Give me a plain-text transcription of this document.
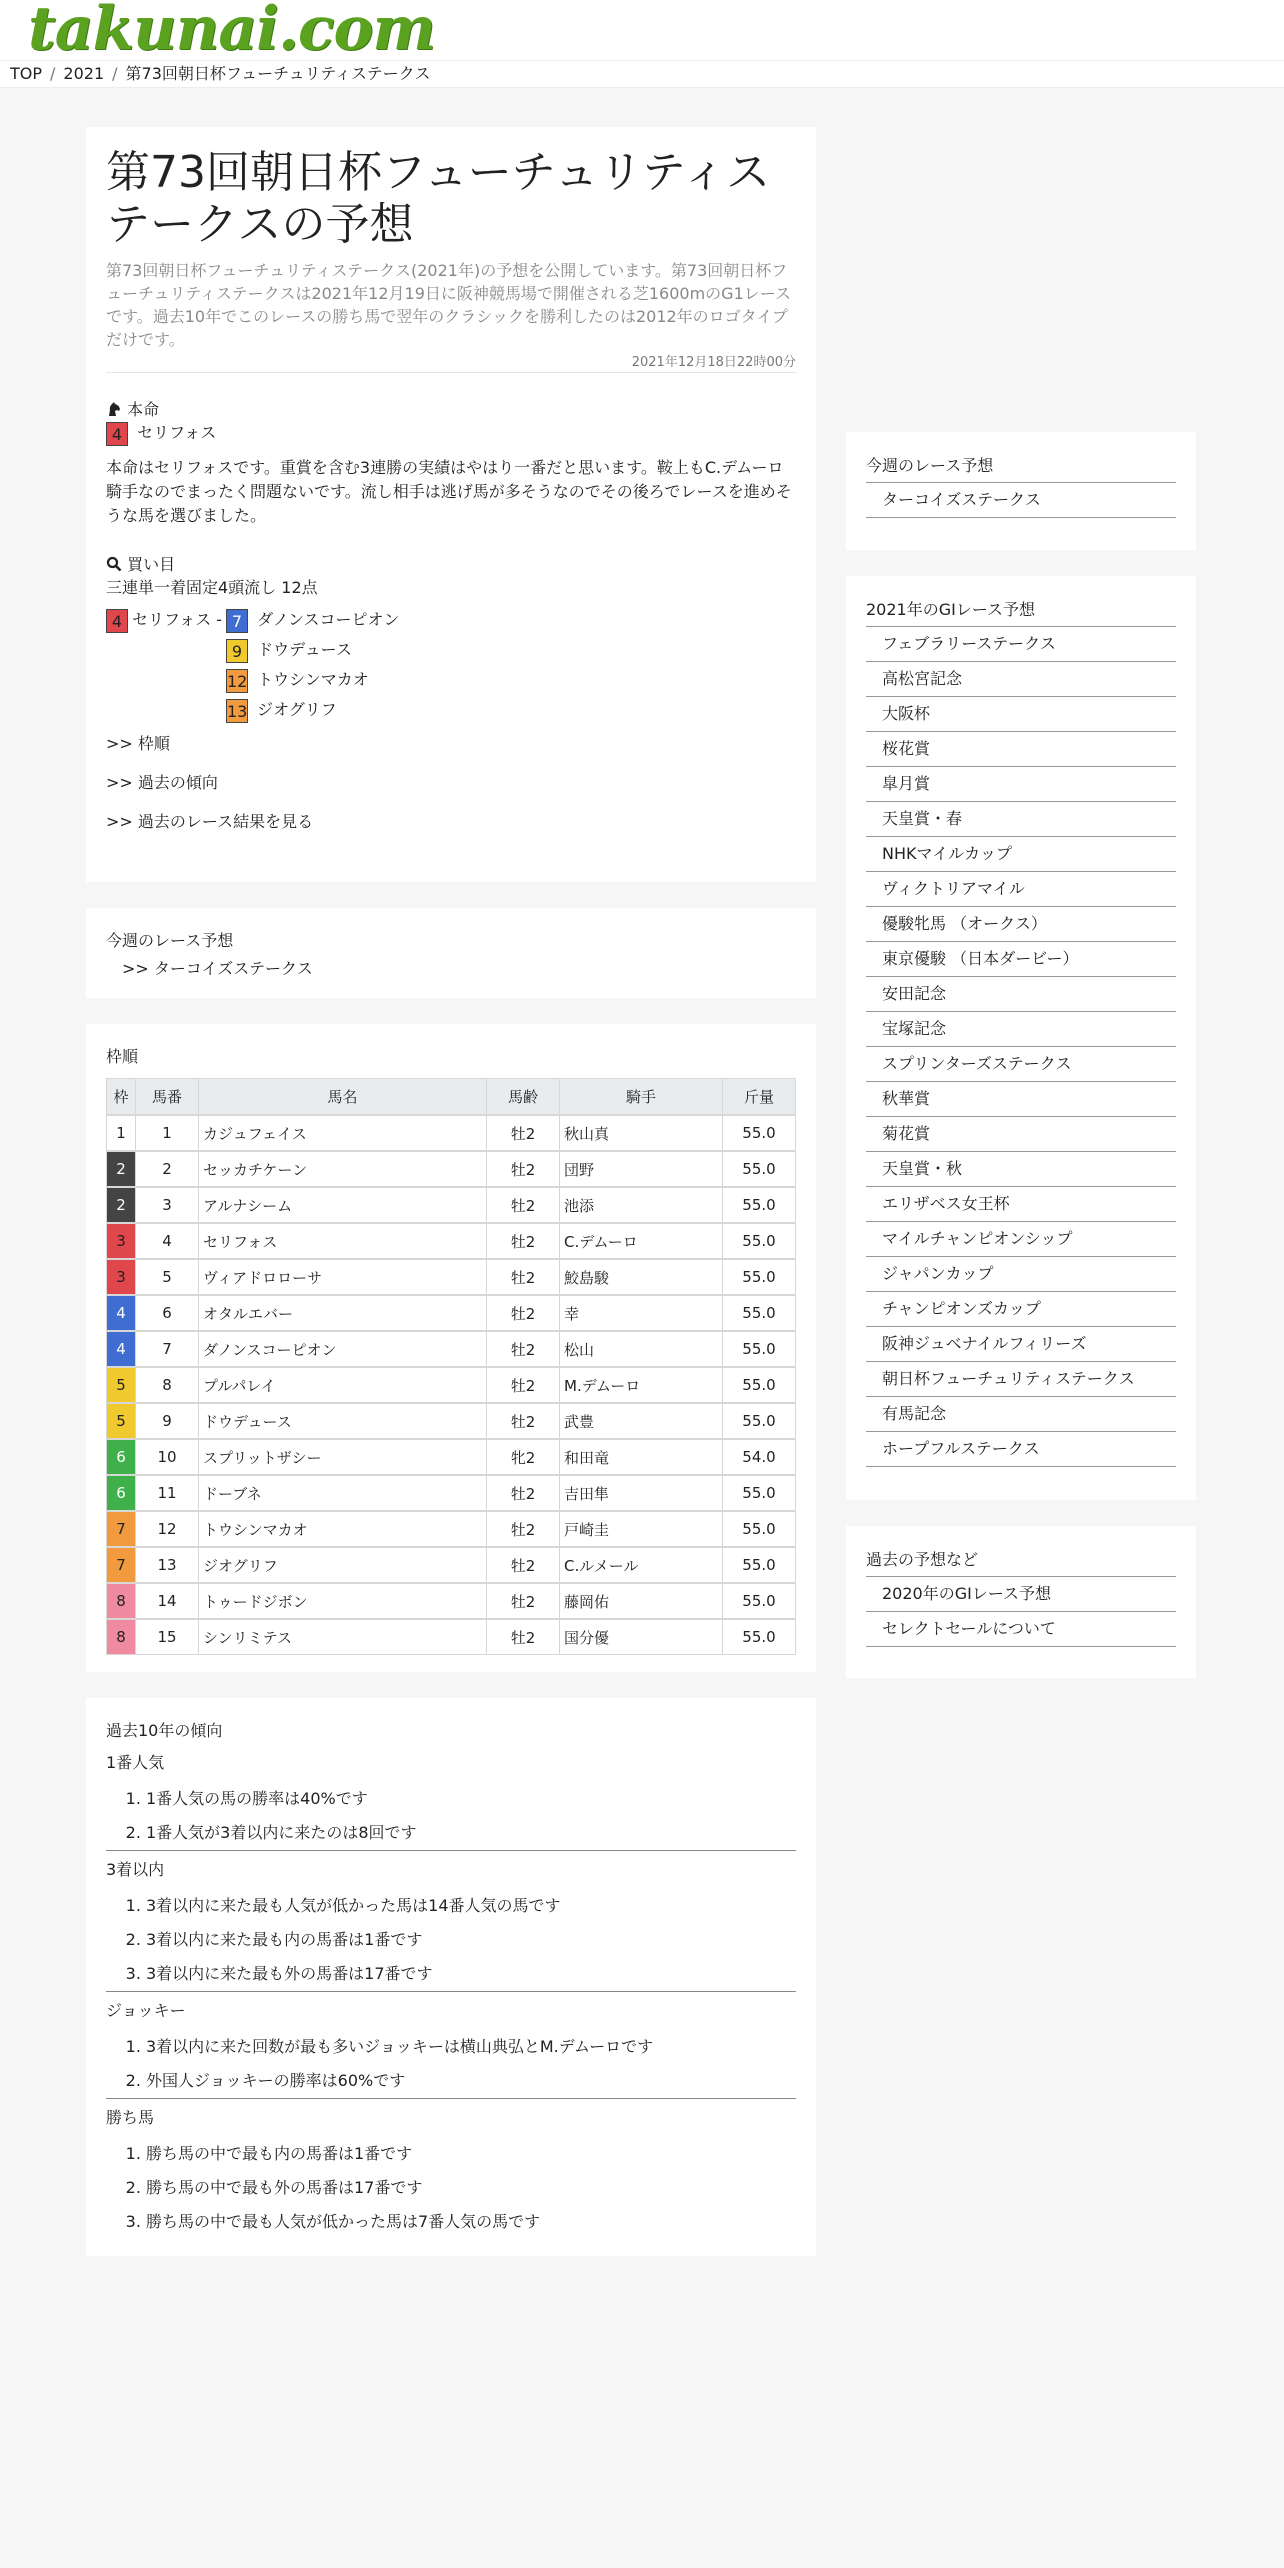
takunai.com
TOP / 2021 / 第73回朝日杯フューチュリティステークス
第73回朝日杯フューチュリティステークスの予想
第73回朝日杯フューチュリティステークス(2021年)の予想を公開しています。第73回朝日杯フューチュリティステークスは2021年12月19日に阪神競馬場で開催される芝1600mのG1レースです。過去10年でこのレースの勝ち馬で翌年のクラシックを勝利したのは2012年のロゴタイプだけです。
2021年12月18日22時00分
本命
4 セリフォス
本命はセリフォスです。重賞を含む3連勝の実績はやはり一番だと思います。鞍上もC.デムーロ騎手なのでまったく問題ないです。流し相手は逃げ馬が多そうなのでその後ろでレースを進めそうな馬を選びました。
買い目
三連単一着固定4頭流し 12点
4 セリフォス - 7 ダノンスコーピオン
9 ドウデュース
12 トウシンマカオ
13 ジオグリフ
>> 枠順
>> 過去の傾向
>> 過去のレース結果を見る
今週のレース予想
>> ターコイズステークス
枠順
枠	馬番	馬名	馬齢	騎手	斤量
1	1	カジュフェイス	牡2	秋山真	55.0
2	2	セッカチケーン	牡2	団野	55.0
2	3	アルナシーム	牡2	池添	55.0
3	4	セリフォス	牡2	C.デムーロ	55.0
3	5	ヴィアドロローサ	牡2	鮫島駿	55.0
4	6	オタルエバー	牡2	幸	55.0
4	7	ダノンスコーピオン	牡2	松山	55.0
5	8	プルパレイ	牡2	M.デムーロ	55.0
5	9	ドウデュース	牡2	武豊	55.0
6	10	スプリットザシー	牝2	和田竜	54.0
6	11	ドーブネ	牡2	吉田隼	55.0
7	12	トウシンマカオ	牡2	戸崎圭	55.0
7	13	ジオグリフ	牡2	C.ルメール	55.0
8	14	トゥードジボン	牡2	藤岡佑	55.0
8	15	シンリミテス	牡2	国分優	55.0
過去10年の傾向
1番人気
1. 1番人気の馬の勝率は40%です
2. 1番人気が3着以内に来たのは8回です
3着以内
1. 3着以内に来た最も人気が低かった馬は14番人気の馬です
2. 3着以内に来た最も内の馬番は1番です
3. 3着以内に来た最も外の馬番は17番です
ジョッキー
1. 3着以内に来た回数が最も多いジョッキーは横山典弘とM.デムーロです
2. 外国人ジョッキーの勝率は60%です
勝ち馬
1. 勝ち馬の中で最も内の馬番は1番です
2. 勝ち馬の中で最も外の馬番は17番です
3. 勝ち馬の中で最も人気が低かった馬は7番人気の馬です
今週のレース予想
ターコイズステークス
2021年のGⅠレース予想
フェブラリーステークス
高松宮記念
大阪杯
桜花賞
皐月賞
天皇賞・春
NHKマイルカップ
ヴィクトリアマイル
優駿牝馬 （オークス）
東京優駿 （日本ダービー）
安田記念
宝塚記念
スプリンターズステークス
秋華賞
菊花賞
天皇賞・秋
エリザベス女王杯
マイルチャンピオンシップ
ジャパンカップ
チャンピオンズカップ
阪神ジュベナイルフィリーズ
朝日杯フューチュリティステークス
有馬記念
ホープフルステークス
過去の予想など
2020年のGⅠレース予想
セレクトセールについて
